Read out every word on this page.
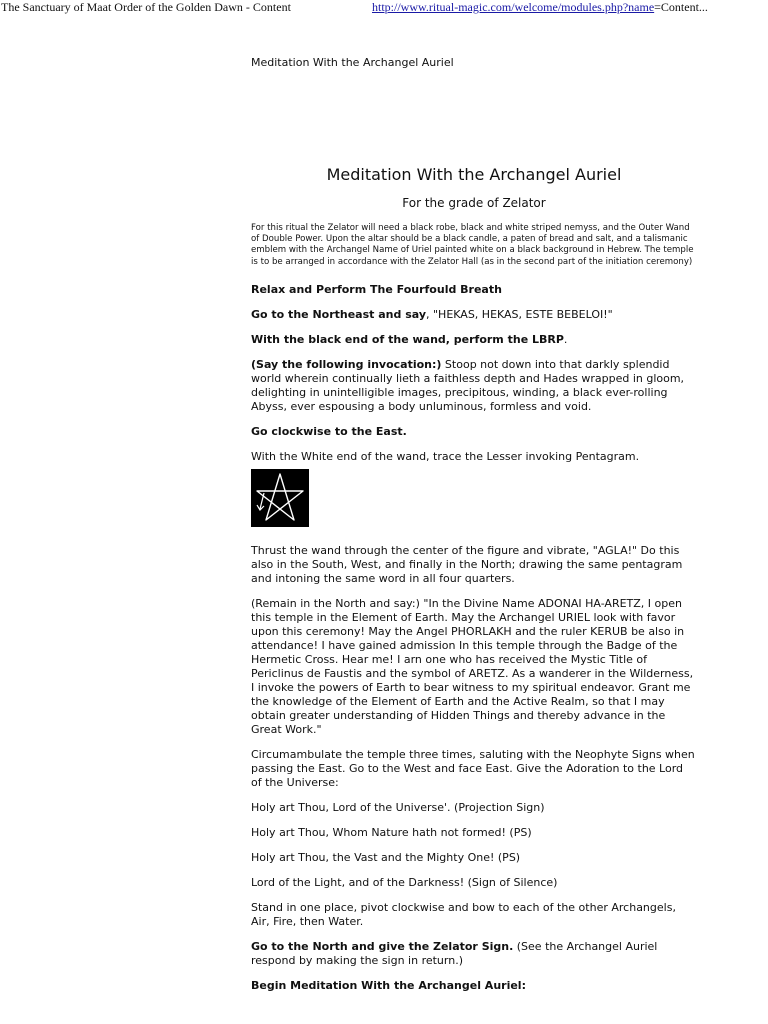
The Sanctuary of Maat Order of the Golden Dawn - Content	http://www.ritual-magic.com/welcome/modules.php?name=Content...

Meditation With the Archangel Auriel

Meditation With the Archangel Auriel
For the grade of Zelator
For this ritual the Zelator will need a black robe, black and white striped nemyss, and the Outer Wand of Double Power. Upon the altar should be a black candle, a paten of bread and salt, and a talismanic emblem with the Archangel Name of Uriel painted white on a black background in Hebrew. The temple is to be arranged in accordance with the Zelator Hall (as in the second part of the initiation ceremony)

Relax and Perform The Fourfould Breath

Go to the Northeast and say, "HEKAS, HEKAS, ESTE BEBELOI!"

With the black end of the wand, perform the LBRP.

(Say the following invocation:) Stoop not down into that darkly splendid world wherein continually lieth a faithless depth and Hades wrapped in gloom, delighting in unintelligible images, precipitous, winding, a black ever-rolling Abyss, ever espousing a body unluminous, formless and void.

Go clockwise to the East.

With the White end of the wand, trace the Lesser invoking Pentagram.

Thrust the wand through the center of the figure and vibrate, "AGLA!" Do this also in the South, West, and finally in the North; drawing the same pentagram and intoning the same word in all four quarters.

(Remain in the North and say:) "In the Divine Name ADONAI HA-ARETZ, I open this temple in the Element of Earth. May the Archangel URIEL look with favor upon this ceremony! May the Angel PHORLAKH and the ruler KERUB be also in attendance! I have gained admission In this temple through the Badge of the Hermetic Cross. Hear me! I arn one who has received the Mystic Title of Periclinus de Faustis and the symbol of ARETZ. As a wanderer in the Wilderness, I invoke the powers of Earth to bear witness to my spiritual endeavor. Grant me the knowledge of the Element of Earth and the Active Realm, so that I may obtain greater understanding of Hidden Things and thereby advance in the Great Work."

Circumambulate the temple three times, saluting with the Neophyte Signs when passing the East. Go to the West and face East. Give the Adoration to the Lord of the Universe:

Holy art Thou, Lord of the Universe'. (Projection Sign)

Holy art Thou, Whom Nature hath not formed! (PS)

Holy art Thou, the Vast and the Mighty One! (PS)

Lord of the Light, and of the Darkness! (Sign of Silence)

Stand in one place, pivot clockwise and bow to each of the other Archangels, Air, Fire, then Water.

Go to the North and give the Zelator Sign. (See the Archangel Auriel respond by making the sign in return.)

Begin Meditation With the Archangel Auriel:
